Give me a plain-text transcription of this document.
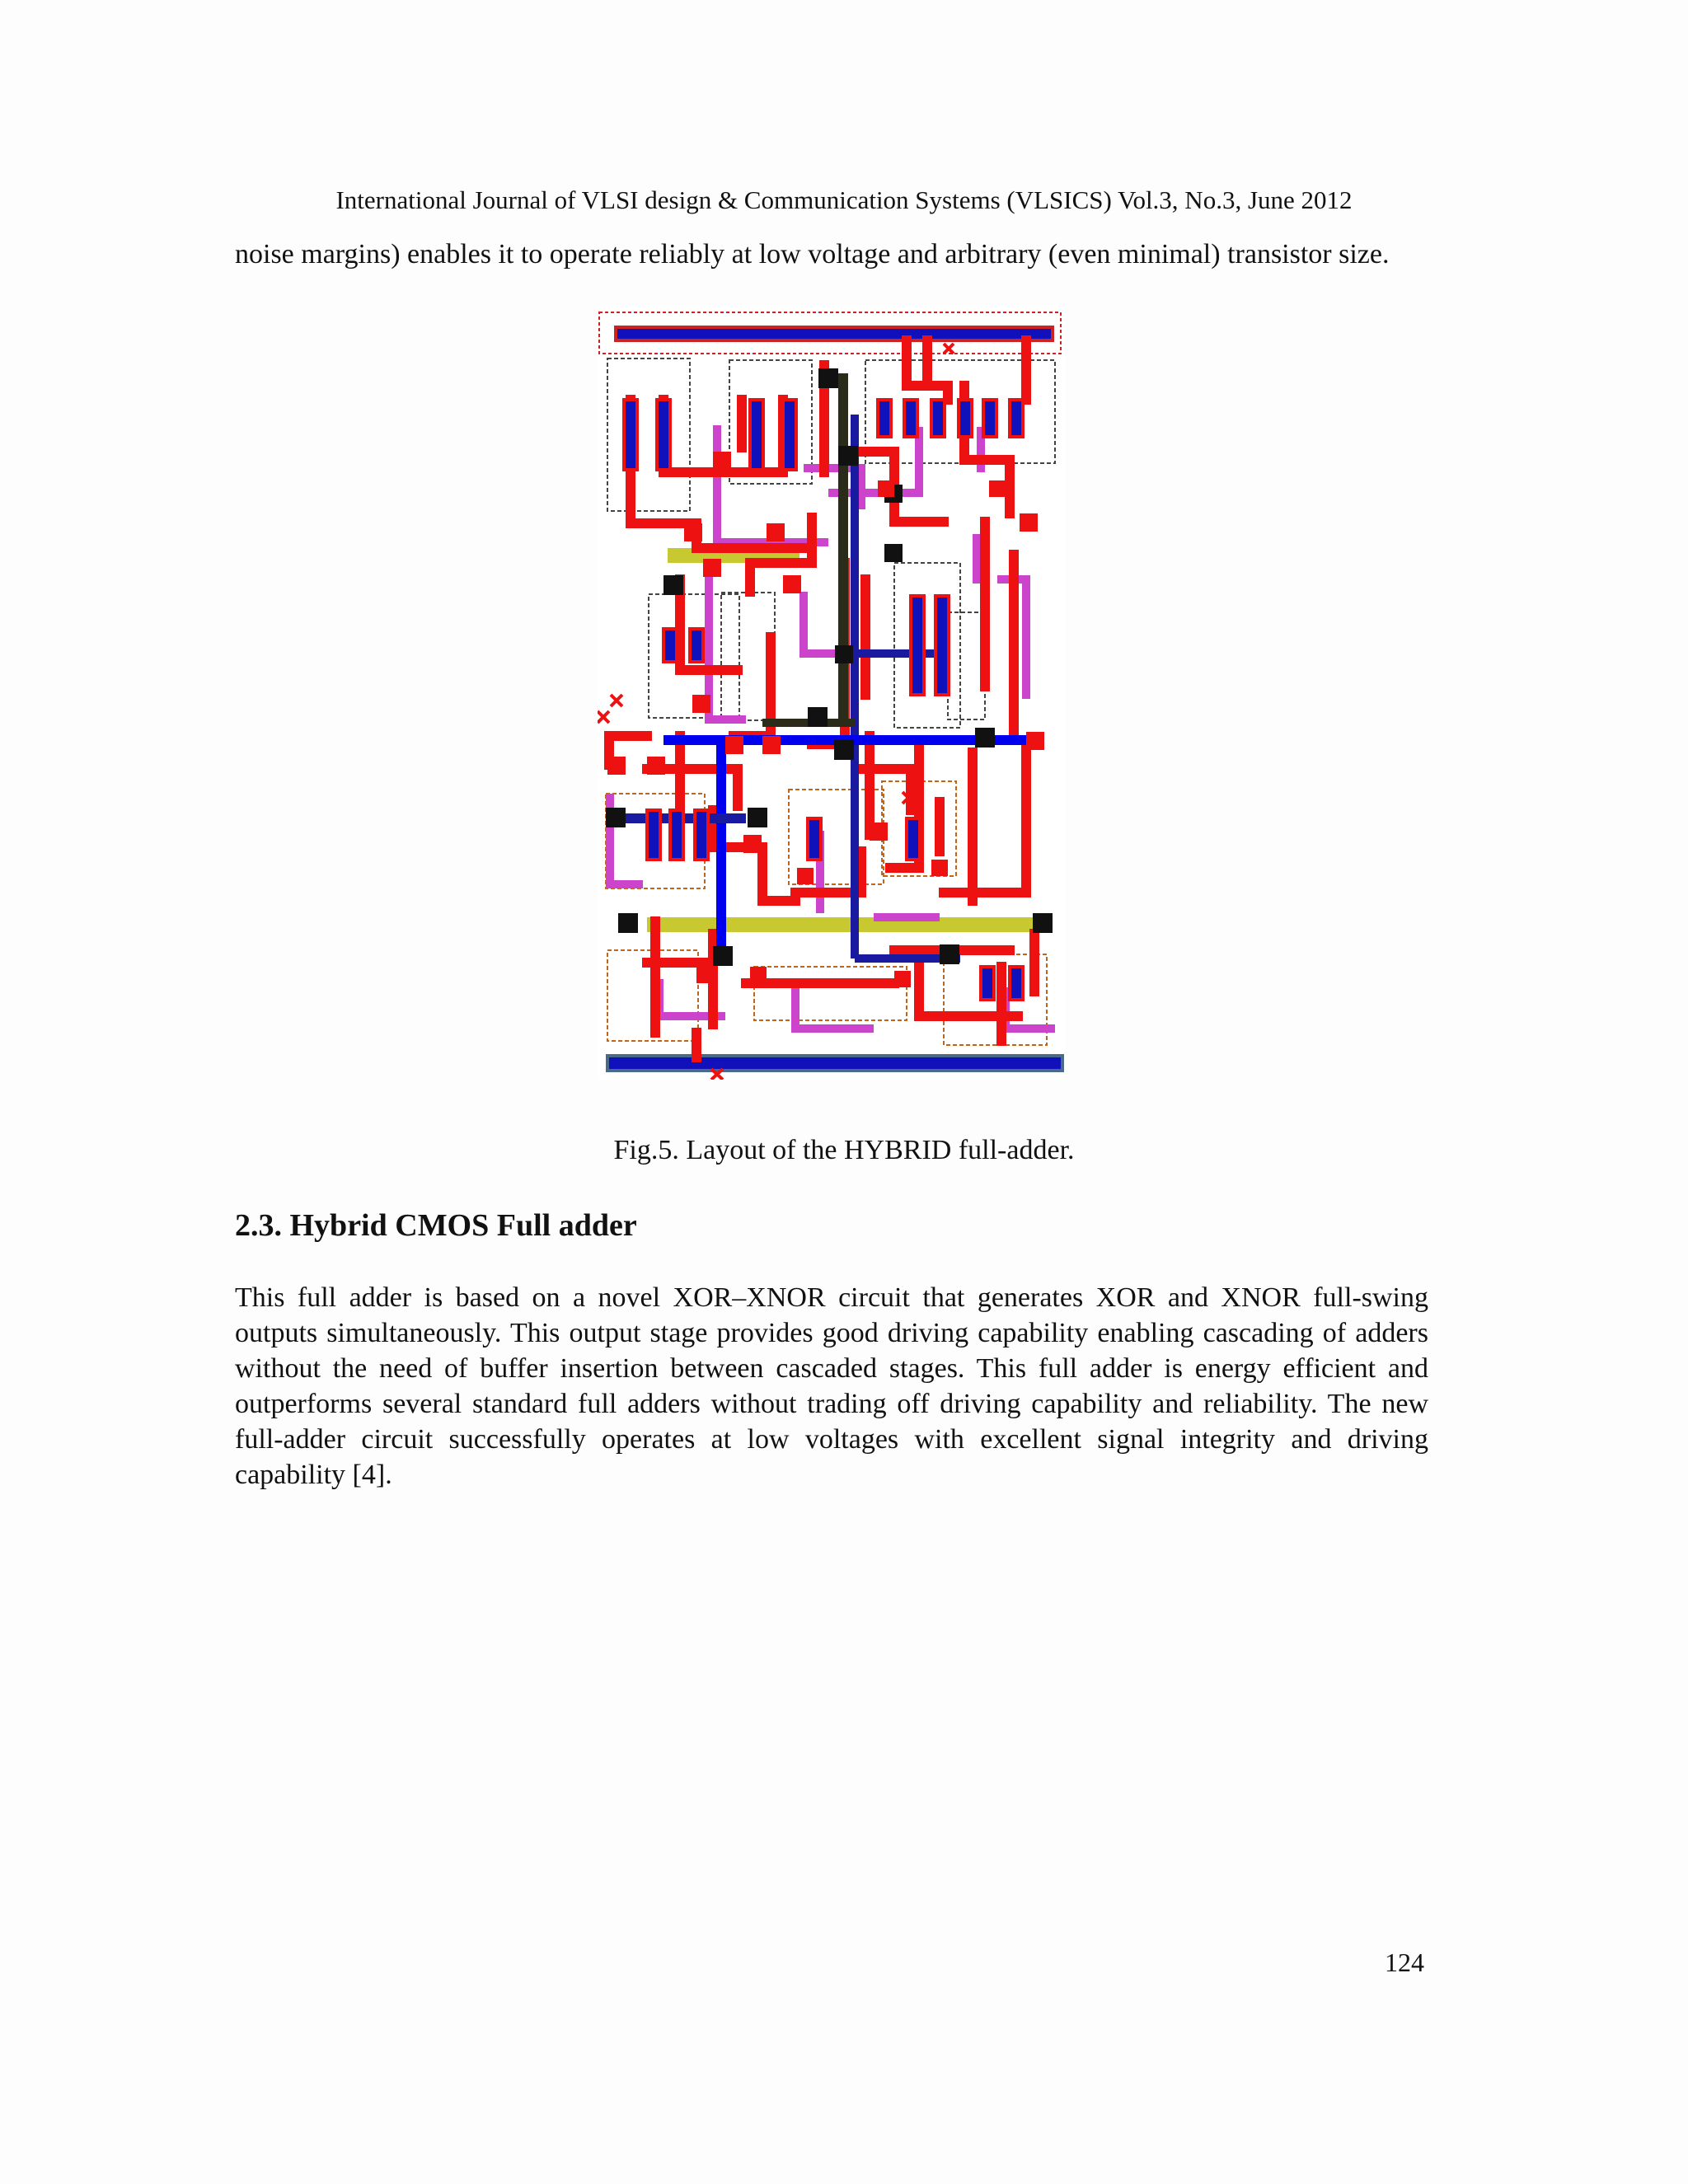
International Journal of VLSI design & Communication Systems (VLSICS) Vol.3, No.3, June 2012

noise margins) enables it to operate reliably at low voltage and arbitrary (even minimal) transistor size.

Fig.5. Layout of the HYBRID full-adder.
2.3. Hybrid CMOS Full adder

This full adder is based on a novel XOR–XNOR circuit that generates XOR and XNOR full-swing outputs simultaneously. This output stage provides good driving capability enabling cascading of adders without the need of buffer insertion between cascaded stages. This full adder is energy efficient and outperforms several standard full adders without trading off driving capability and reliability. The new full-adder circuit successfully operates at low voltages with excellent signal integrity and driving capability [4].

124
